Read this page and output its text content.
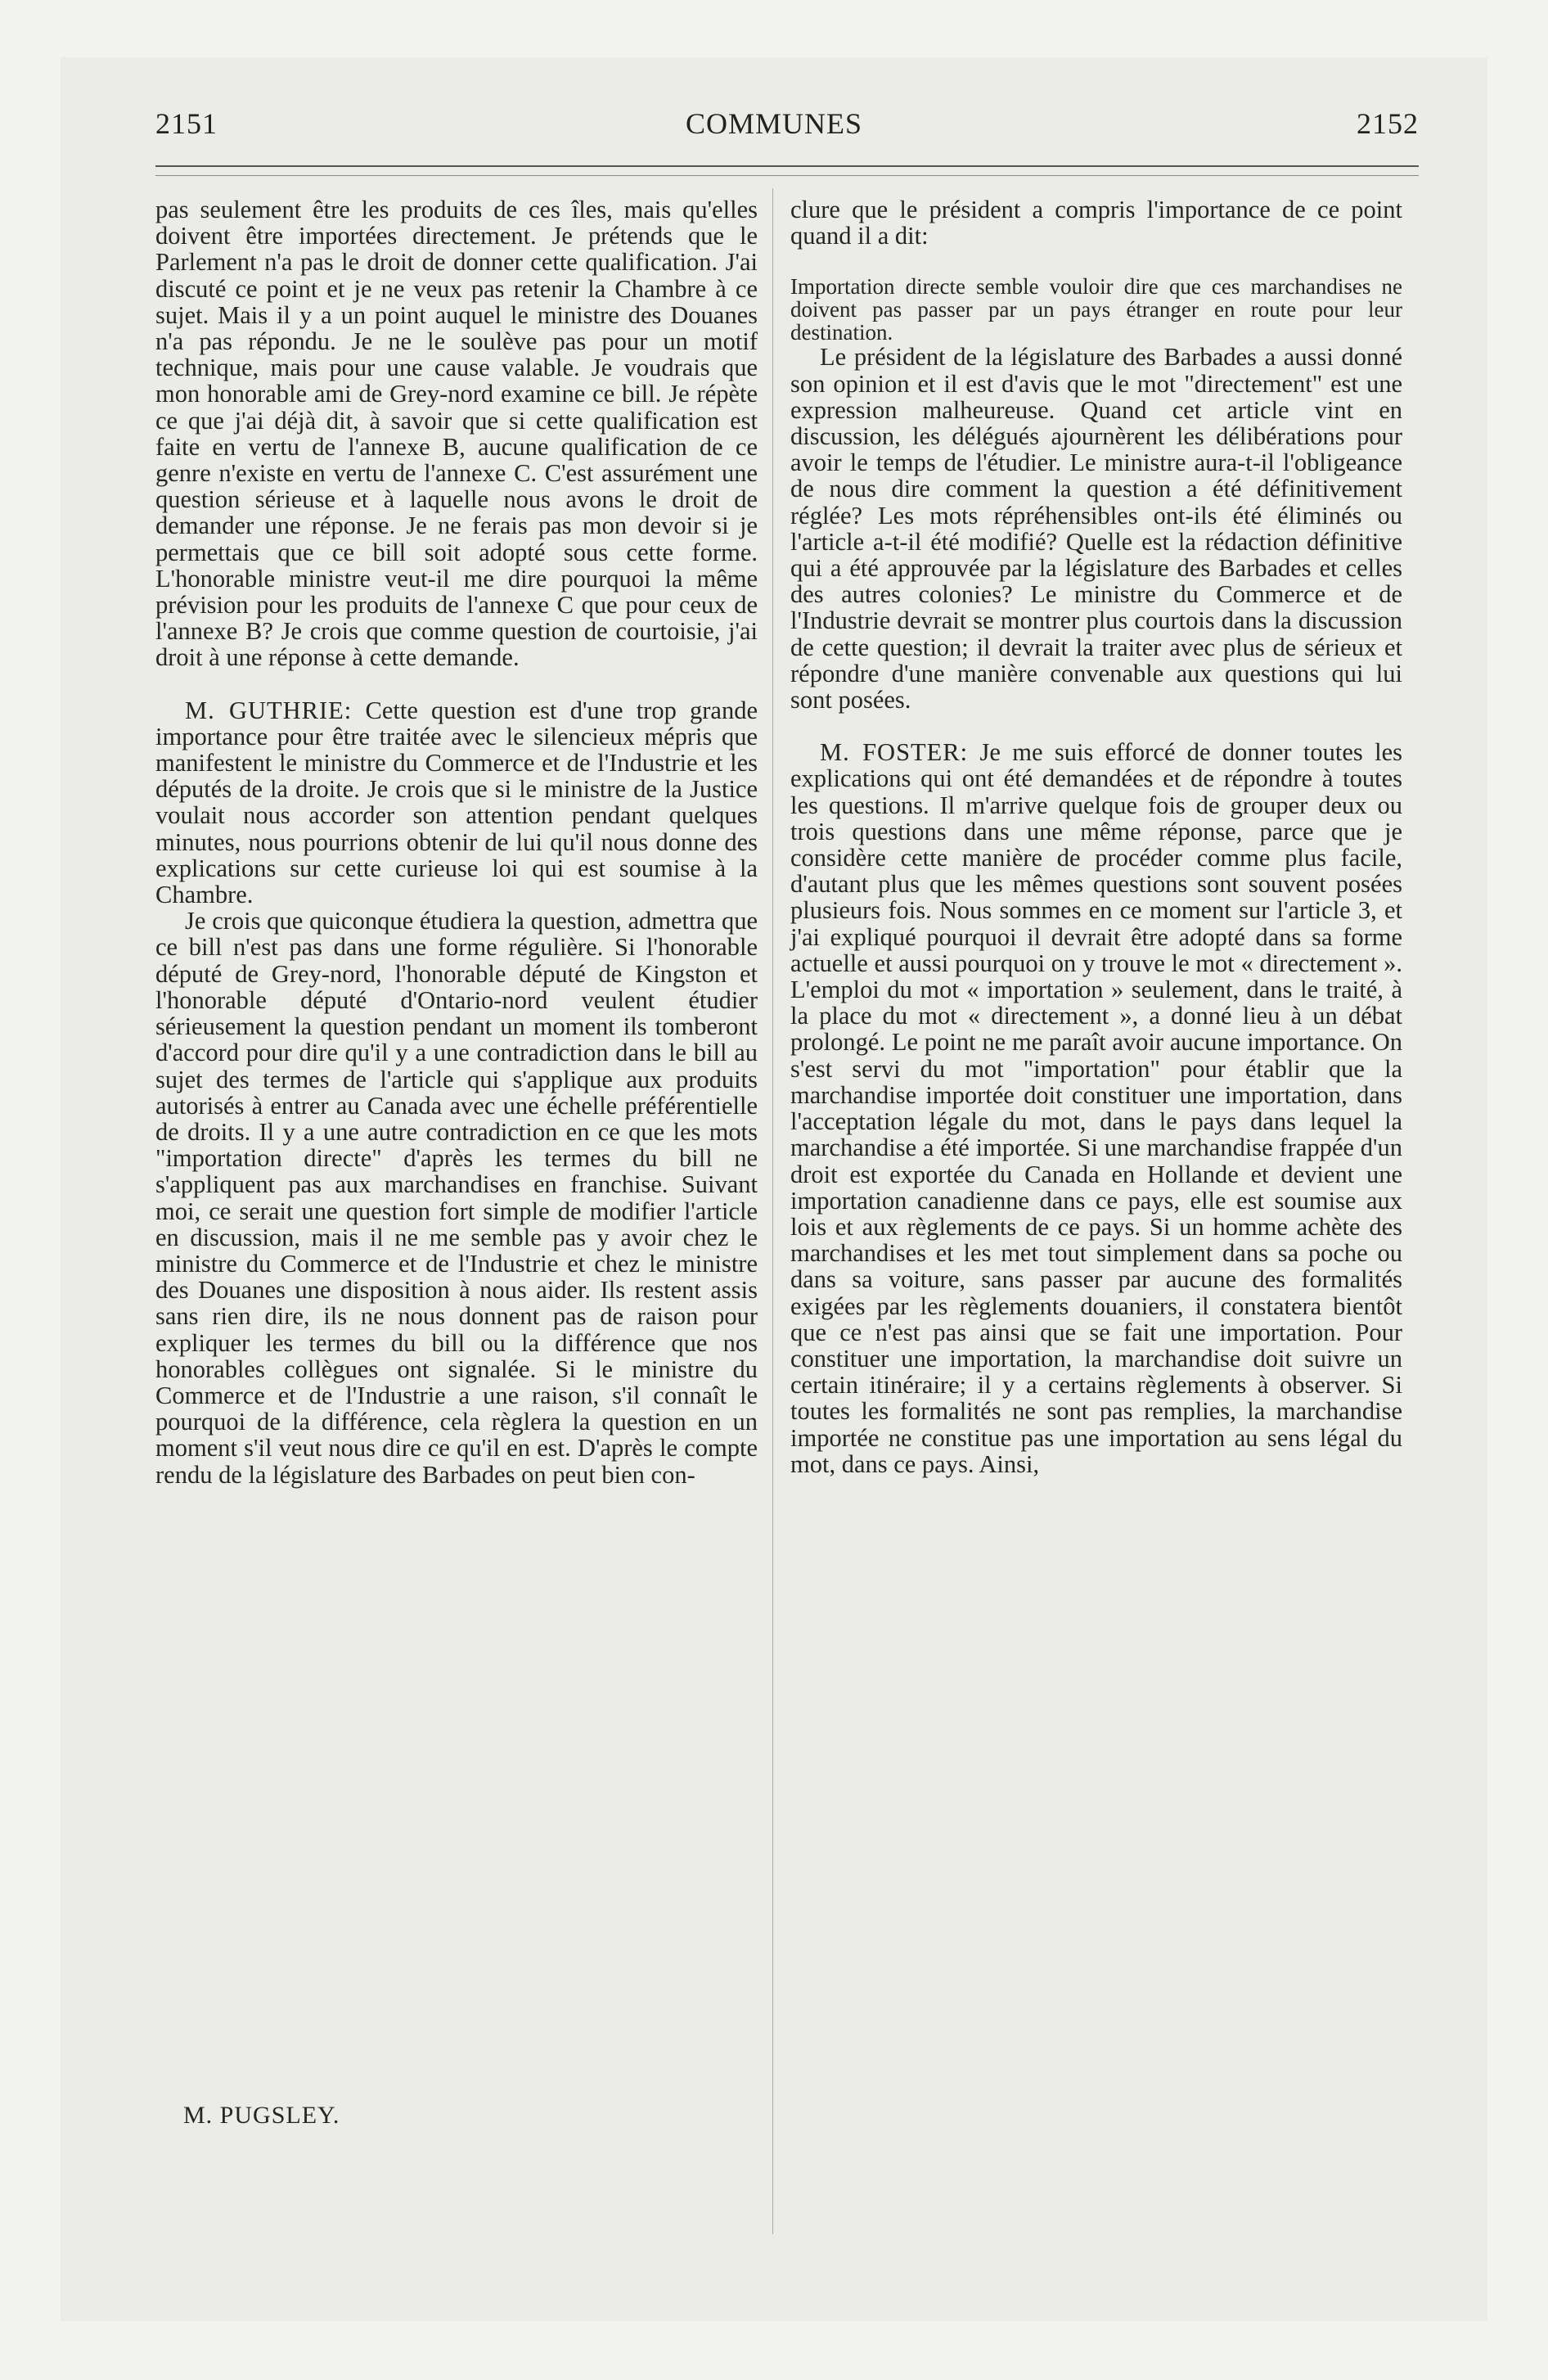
2151	COMMUNES	2152

pas seulement être les produits de ces îles, mais qu'elles doivent être importées directement. Je prétends que le Parlement n'a pas le droit de donner cette qualification. J'ai discuté ce point et je ne veux pas retenir la Chambre à ce sujet. Mais il y a un point auquel le ministre des Douanes n'a pas répondu. Je ne le soulève pas pour un motif technique, mais pour une cause valable. Je voudrais que mon honorable ami de Grey-nord examine ce bill. Je répète ce que j'ai déjà dit, à savoir que si cette qualification est faite en vertu de l'annexe B, aucune qualification de ce genre n'existe en vertu de l'annexe C. C'est assurément une question sérieuse et à laquelle nous avons le droit de demander une réponse. Je ne ferais pas mon devoir si je permettais que ce bill soit adopté sous cette forme. L'honorable ministre veut-il me dire pourquoi la même prévision pour les produits de l'annexe C que pour ceux de l'annexe B? Je crois que comme question de courtoisie, j'ai droit à une réponse à cette demande.

M. GUTHRIE: Cette question est d'une trop grande importance pour être traitée avec le silencieux mépris que manifestent le ministre du Commerce et de l'Industrie et les députés de la droite. Je crois que si le ministre de la Justice voulait nous accorder son attention pendant quelques minutes, nous pourrions obtenir de lui qu'il nous donne des explications sur cette curieuse loi qui est soumise à la Chambre.

Je crois que quiconque étudiera la question, admettra que ce bill n'est pas dans une forme régulière. Si l'honorable député de Grey-nord, l'honorable député de Kingston et l'honorable député d'Ontario-nord veulent étudier sérieusement la question pendant un moment ils tomberont d'accord pour dire qu'il y a une contradiction dans le bill au sujet des termes de l'article qui s'applique aux produits autorisés à entrer au Canada avec une échelle préférentielle de droits. Il y a une autre contradiction en ce que les mots "importation directe" d'après les termes du bill ne s'appliquent pas aux marchandises en franchise. Suivant moi, ce serait une question fort simple de modifier l'article en discussion, mais il ne me semble pas y avoir chez le ministre du Commerce et de l'Industrie et chez le ministre des Douanes une disposition à nous aider. Ils restent assis sans rien dire, ils ne nous donnent pas de raison pour expliquer les termes du bill ou la différence que nos honorables collègues ont signalée. Si le ministre du Commerce et de l'Industrie a une raison, s'il connaît le pourquoi de la différence, cela règlera la question en un moment s'il veut nous dire ce qu'il en est. D'après le compte rendu de la législature des Barbades on peut bien con-

clure que le président a compris l'importance de ce point quand il a dit:

Importation directe semble vouloir dire que ces marchandises ne doivent pas passer par un pays étranger en route pour leur destination.

Le président de la législature des Barbades a aussi donné son opinion et il est d'avis que le mot "directement" est une expression malheureuse. Quand cet article vint en discussion, les délégués ajournèrent les délibérations pour avoir le temps de l'étudier. Le ministre aura-t-il l'obligeance de nous dire comment la question a été définitivement réglée? Les mots répréhensibles ont-ils été éliminés ou l'article a-t-il été modifié? Quelle est la rédaction définitive qui a été approuvée par la législature des Barbades et celles des autres colonies? Le ministre du Commerce et de l'Industrie devrait se montrer plus courtois dans la discussion de cette question; il devrait la traiter avec plus de sérieux et répondre d'une manière convenable aux questions qui lui sont posées.

M. FOSTER: Je me suis efforcé de donner toutes les explications qui ont été demandées et de répondre à toutes les questions. Il m'arrive quelque fois de grouper deux ou trois questions dans une même réponse, parce que je considère cette manière de procéder comme plus facile, d'autant plus que les mêmes questions sont souvent posées plusieurs fois. Nous sommes en ce moment sur l'article 3, et j'ai expliqué pourquoi il devrait être adopté dans sa forme actuelle et aussi pourquoi on y trouve le mot « directement ». L'emploi du mot « importation » seulement, dans le traité, à la place du mot « directement », a donné lieu à un débat prolongé. Le point ne me paraît avoir aucune importance. On s'est servi du mot "importation" pour établir que la marchandise importée doit constituer une importation, dans l'acceptation légale du mot, dans le pays dans lequel la marchandise a été importée. Si une marchandise frappée d'un droit est exportée du Canada en Hollande et devient une importation canadienne dans ce pays, elle est soumise aux lois et aux règlements de ce pays. Si un homme achète des marchandises et les met tout simplement dans sa poche ou dans sa voiture, sans passer par aucune des formalités exigées par les règlements douaniers, il constatera bientôt que ce n'est pas ainsi que se fait une importation. Pour constituer une importation, la marchandise doit suivre un certain itinéraire; il y a certains règlements à observer. Si toutes les formalités ne sont pas remplies, la marchandise importée ne constitue pas une importation au sens légal du mot, dans ce pays. Ainsi,

M. PUGSLEY.
